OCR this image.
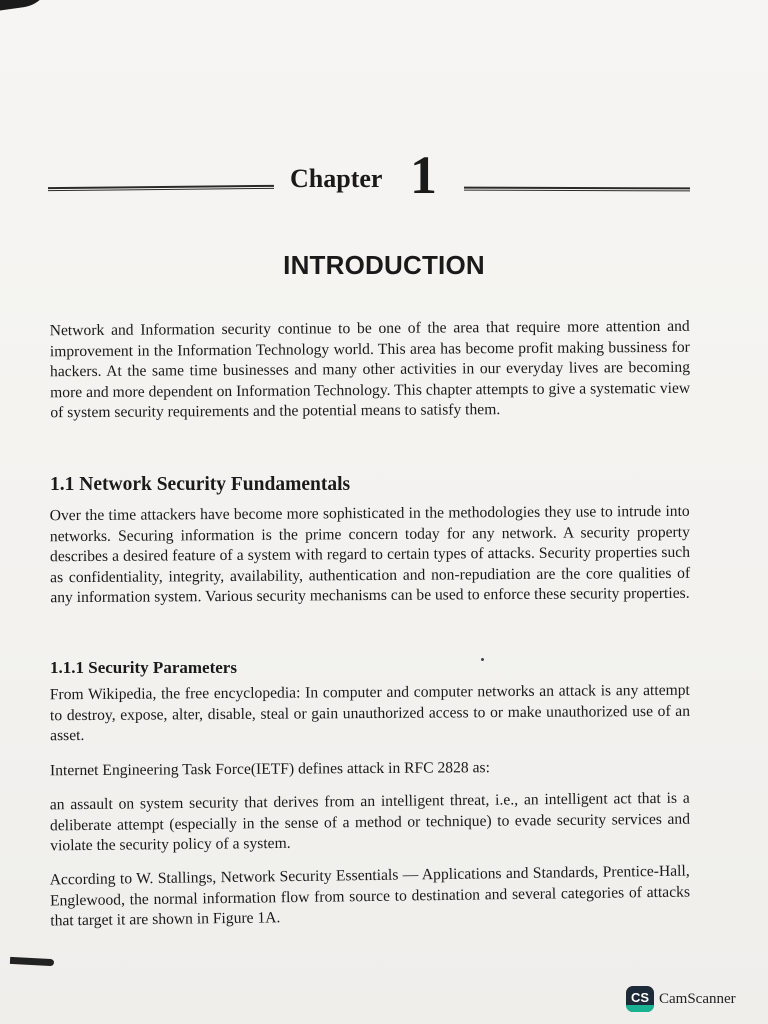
Chapter 1
INTRODUCTION

Network and Information security continue to be one of the area that require more attention and improvement in the Information Technology world. This area has become profit making bussiness for hackers. At the same time businesses and many other activities in our everyday lives are becoming more and more dependent on Information Technology. This chapter attempts to give a systematic view of system security requirements and the potential means to satisfy them.

1.1 Network Security Fundamentals

Over the time attackers have become more sophisticated in the methodologies they use to intrude into networks. Securing information is the prime concern today for any network. A security property describes a desired feature of a system with regard to certain types of attacks. Security properties such as confidentiality, integrity, availability, authentication and non-repudiation are the core qualities of any information system. Various security mechanisms can be used to enforce these security properties.

1.1.1 Security Parameters

From Wikipedia, the free encyclopedia: In computer and computer networks an attack is any attempt to destroy, expose, alter, disable, steal or gain unauthorized access to or make unauthorized use of an asset.

Internet Engineering Task Force(IETF) defines attack in RFC 2828 as:

an assault on system security that derives from an intelligent threat, i.e., an intelligent act that is a deliberate attempt (especially in the sense of a method or technique) to evade security services and violate the security policy of a system.

According to W. Stallings, Network Security Essentials — Applications and Standards, Prentice-Hall, Englewood, the normal information flow from source to destination and several categories of attacks that target it are shown in Figure 1A.

CS CamScanner
